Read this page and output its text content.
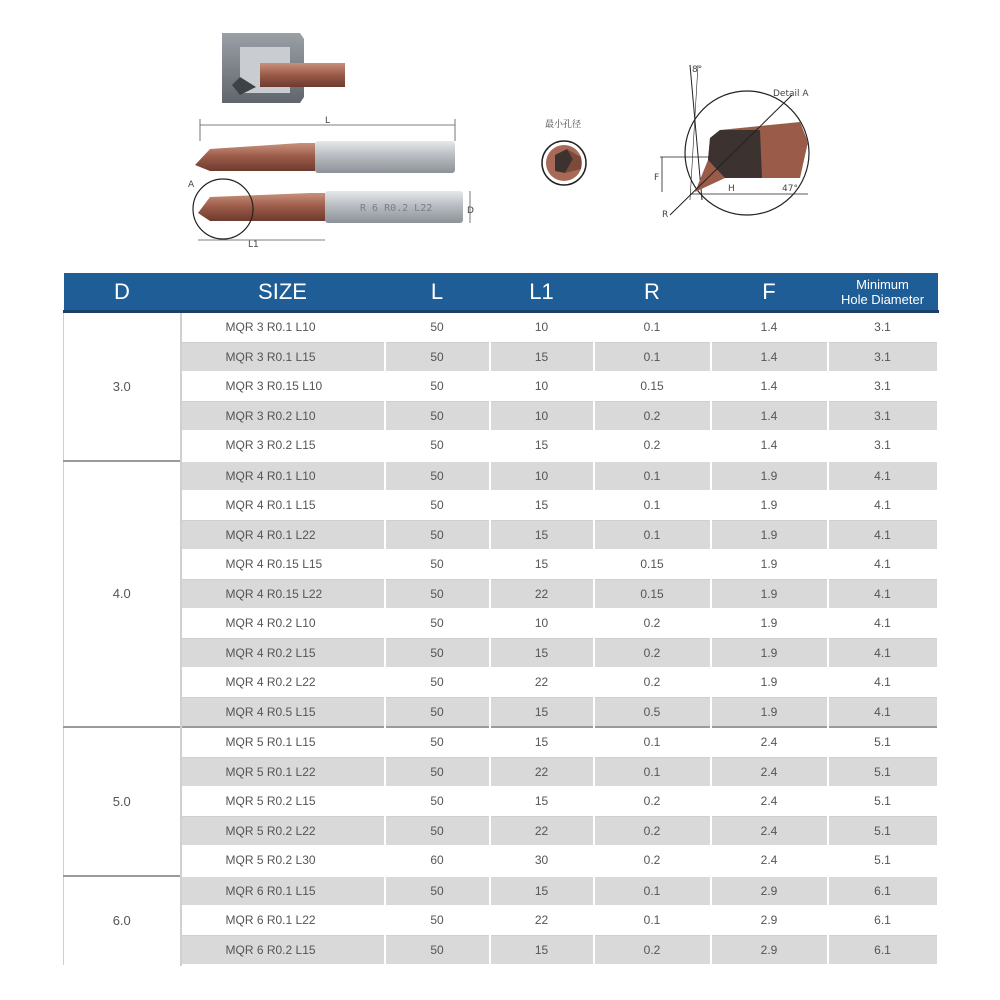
L
R 6 R0.2 L22
A
L1
D
最小孔径
8°
Detail A
F
H	47°
R
D	SIZE	L	L1	R	F	Minimum
Hole Diameter
3.0	MQR 3 R0.1 L10	50	10	0.1	1.4	3.1
	MQR 3 R0.1 L15	50	15	0.1	1.4	3.1
	MQR 3 R0.15 L10	50	10	0.15	1.4	3.1
	MQR 3 R0.2 L10	50	10	0.2	1.4	3.1
	MQR 3 R0.2 L15	50	15	0.2	1.4	3.1
4.0	MQR 4 R0.1 L10	50	10	0.1	1.9	4.1
	MQR 4 R0.1 L15	50	15	0.1	1.9	4.1
	MQR 4 R0.1 L22	50	15	0.1	1.9	4.1
	MQR 4 R0.15 L15	50	15	0.15	1.9	4.1
	MQR 4 R0.15 L22	50	22	0.15	1.9	4.1
	MQR 4 R0.2 L10	50	10	0.2	1.9	4.1
	MQR 4 R0.2 L15	50	15	0.2	1.9	4.1
	MQR 4 R0.2 L22	50	22	0.2	1.9	4.1
	MQR 4 R0.5 L15	50	15	0.5	1.9	4.1
5.0	MQR 5 R0.1 L15	50	15	0.1	2.4	5.1
	MQR 5 R0.1 L22	50	22	0.1	2.4	5.1
	MQR 5 R0.2 L15	50	15	0.2	2.4	5.1
	MQR 5 R0.2 L22	50	22	0.2	2.4	5.1
	MQR 5 R0.2 L30	60	30	0.2	2.4	5.1
6.0	MQR 6 R0.1 L15	50	15	0.1	2.9	6.1
	MQR 6 R0.1 L22	50	22	0.1	2.9	6.1
	MQR 6 R0.2 L15	50	15	0.2	2.9	6.1
